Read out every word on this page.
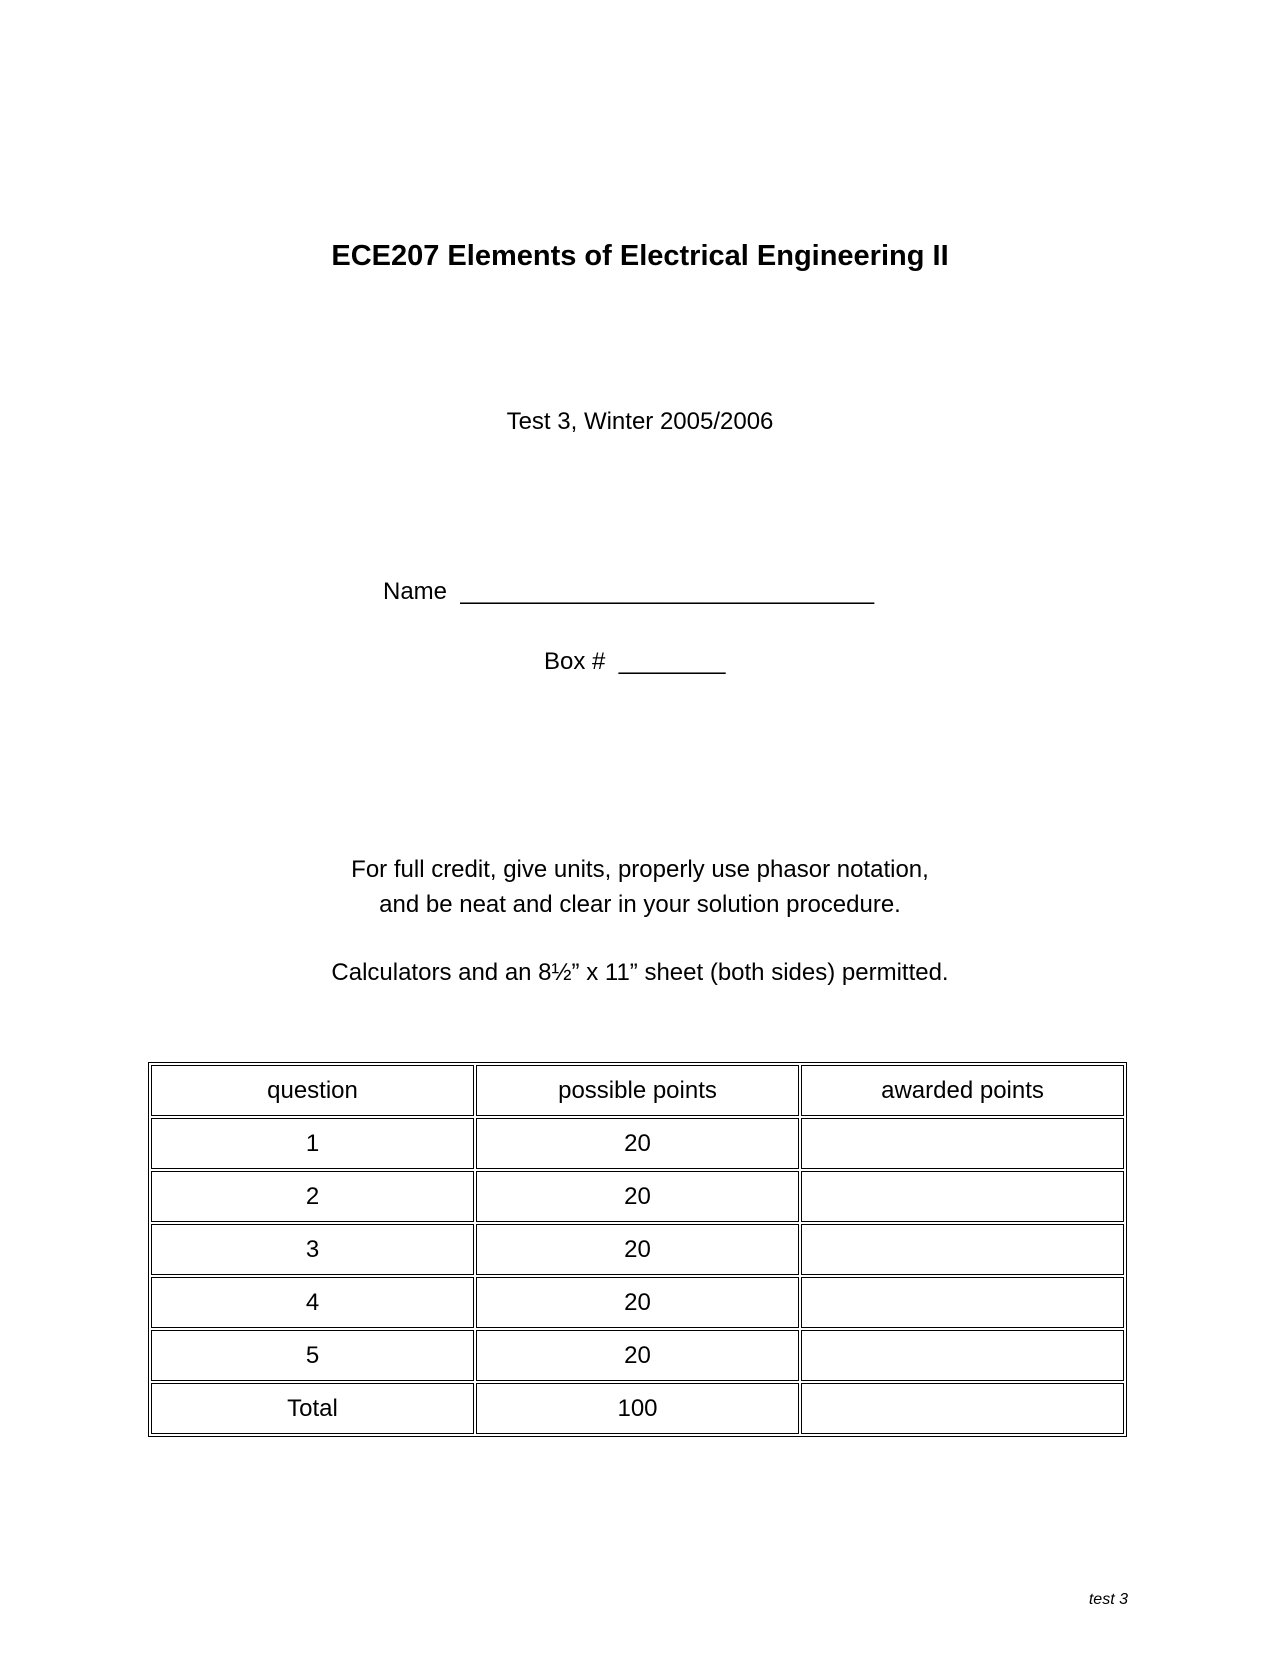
ECE207 Elements of Electrical Engineering II
Test 3, Winter 2005/2006
Name _______________________________
Box # ________
For full credit, give units, properly use phasor notation,
and be neat and clear in your solution procedure.
Calculators and an 8½” x 11” sheet (both sides) permitted.
question	possible points	awarded points
1	20	
2	20	
3	20	
4	20	
5	20	
Total	100	
test 3
